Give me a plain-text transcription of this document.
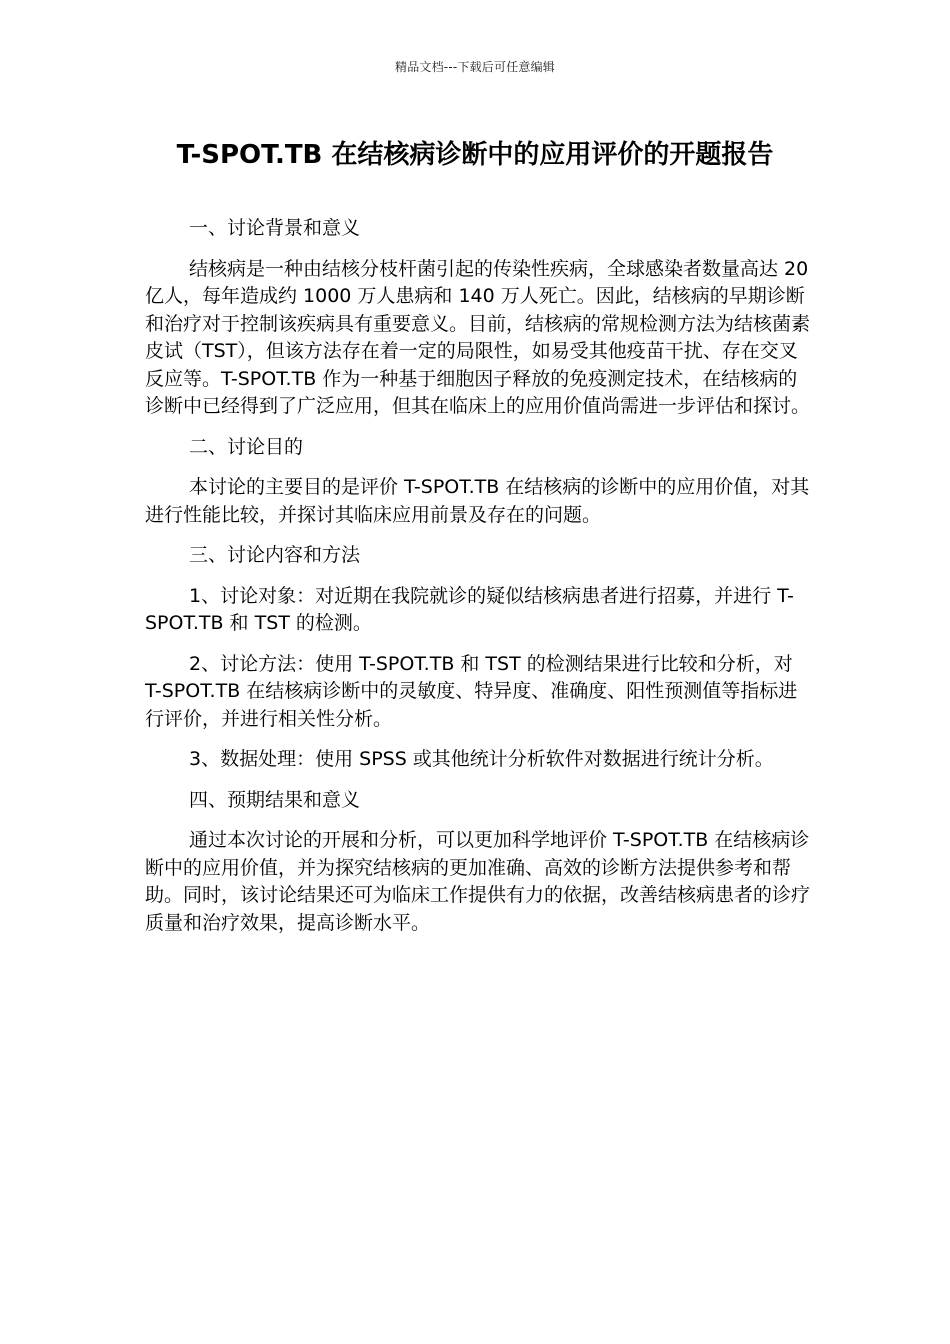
精品文档---下载后可任意编辑
T-SPOT.TB 在结核病诊断中的应用评价的开题报告

一、讨论背景和意义

结核病是一种由结核分枝杆菌引起的传染性疾病，全球感染者数量高达 20 亿人，每年造成约 1000 万人患病和 140 万人死亡。因此，结核病的早期诊断和治疗对于控制该疾病具有重要意义。目前，结核病的常规检测方法为结核菌素皮试（TST），但该方法存在着一定的局限性，如易受其他疫苗干扰、存在交叉反应等。T-SPOT.TB 作为一种基于细胞因子释放的免疫测定技术，在结核病的诊断中已经得到了广泛应用，但其在临床上的应用价值尚需进一步评估和探讨。

二、讨论目的

本讨论的主要目的是评价 T-SPOT.TB 在结核病的诊断中的应用价值，对其进行性能比较，并探讨其临床应用前景及存在的问题。

三、讨论内容和方法

1、讨论对象：对近期在我院就诊的疑似结核病患者进行招募，并进行 T-SPOT.TB 和 TST 的检测。

2、讨论方法：使用 T-SPOT.TB 和 TST 的检测结果进行比较和分析，对 T-SPOT.TB 在结核病诊断中的灵敏度、特异度、准确度、阳性预测值等指标进行评价，并进行相关性分析。

3、数据处理：使用 SPSS 或其他统计分析软件对数据进行统计分析。

四、预期结果和意义

通过本次讨论的开展和分析，可以更加科学地评价 T-SPOT.TB 在结核病诊断中的应用价值，并为探究结核病的更加准确、高效的诊断方法提供参考和帮助。同时，该讨论结果还可为临床工作提供有力的依据，改善结核病患者的诊疗质量和治疗效果，提高诊断水平。
